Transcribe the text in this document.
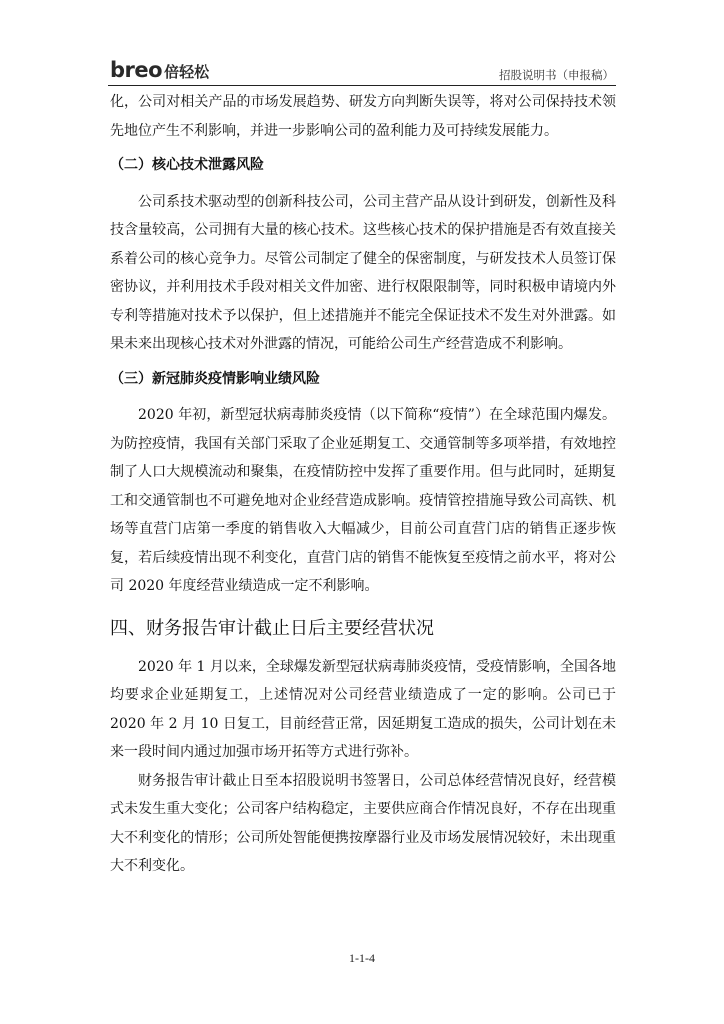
breo 倍轻松	招股说明书（申报稿）

化，公司对相关产品的市场发展趋势、研发方向判断失误等，将对公司保持技术领先地位产生不利影响，并进一步影响公司的盈利能力及可持续发展能力。

（二）核心技术泄露风险

公司系技术驱动型的创新科技公司，公司主营产品从设计到研发，创新性及科技含量较高，公司拥有大量的核心技术。这些核心技术的保护措施是否有效直接关系着公司的核心竞争力。尽管公司制定了健全的保密制度，与研发技术人员签订保密协议，并利用技术手段对相关文件加密、进行权限限制等，同时积极申请境内外专利等措施对技术予以保护，但上述措施并不能完全保证技术不发生对外泄露。如果未来出现核心技术对外泄露的情况，可能给公司生产经营造成不利影响。

（三）新冠肺炎疫情影响业绩风险

2020 年初，新型冠状病毒肺炎疫情（以下简称“疫情”）在全球范围内爆发。为防控疫情，我国有关部门采取了企业延期复工、交通管制等多项举措，有效地控制了人口大规模流动和聚集，在疫情防控中发挥了重要作用。但与此同时，延期复工和交通管制也不可避免地对企业经营造成影响。疫情管控措施导致公司高铁、机场等直营门店第一季度的销售收入大幅减少，目前公司直营门店的销售正逐步恢复，若后续疫情出现不利变化，直营门店的销售不能恢复至疫情之前水平，将对公司 2020 年度经营业绩造成一定不利影响。

四、财务报告审计截止日后主要经营状况

2020 年 1 月以来，全球爆发新型冠状病毒肺炎疫情，受疫情影响，全国各地均要求企业延期复工，上述情况对公司经营业绩造成了一定的影响。公司已于 2020 年 2 月 10 日复工，目前经营正常，因延期复工造成的损失，公司计划在未来一段时间内通过加强市场开拓等方式进行弥补。

财务报告审计截止日至本招股说明书签署日，公司总体经营情况良好，经营模式未发生重大变化；公司客户结构稳定，主要供应商合作情况良好，不存在出现重大不利变化的情形；公司所处智能便携按摩器行业及市场发展情况较好，未出现重大不利变化。

1-1-4
